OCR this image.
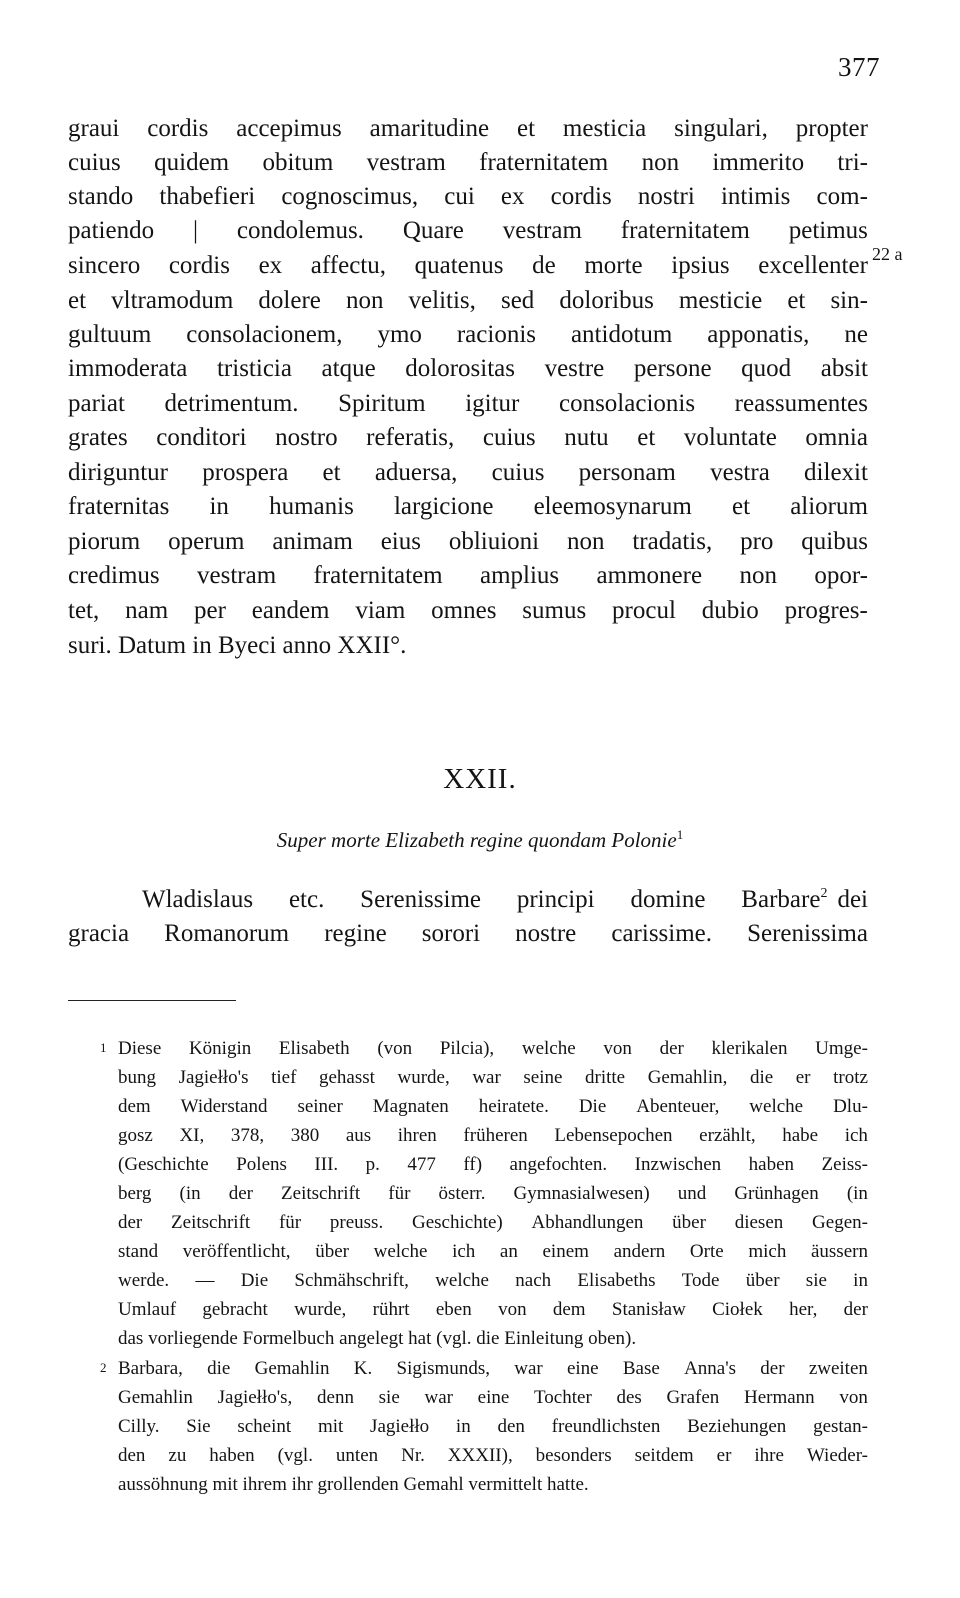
377
22 a
graui cordis accepimus amaritudine et mesticia singulari, propter
cuius quidem obitum vestram fraternitatem non immerito tri-
stando thabefieri cognoscimus, cui ex cordis nostri intimis com-
patiendo | condolemus. Quare vestram fraternitatem petimus
sincero cordis ex affectu, quatenus de morte ipsius excellenter
et vltramodum dolere non velitis, sed doloribus mesticie et sin-
gultuum consolacionem, ymo racionis antidotum apponatis, ne
immoderata tristicia atque dolorositas vestre persone quod absit
pariat detrimentum. Spiritum igitur consolacionis reassumentes
grates conditori nostro referatis, cuius nutu et voluntate omnia
diriguntur prospera et aduersa, cuius personam vestra dilexit
fraternitas in humanis largicione eleemosynarum et aliorum
piorum operum animam eius obliuioni non tradatis, pro quibus
credimus vestram fraternitatem amplius ammonere non opor-
tet, nam per eandem viam omnes sumus procul dubio progres-
suri. Datum in Byeci anno XXII°.
XXII.
Super morte Elizabeth regine quondam Polonie$^1$
Wladislaus etc. Serenissime principi domine Barbare 2 dei
gracia Romanorum regine sorori nostre carissime. Serenissima
1 Diese Königin Elisabeth (von Pilcia), welche von der klerikalen Umge-
bung Jagiełło's tief gehasst wurde, war seine dritte Gemahlin, die er trotz
dem Widerstand seiner Magnaten heiratete. Die Abenteuer, welche Dlu-
gosz XI, 378, 380 aus ihren früheren Lebensepochen erzählt, habe ich
(Geschichte Polens III. p. 477 ff) angefochten. Inzwischen haben Zeiss-
berg (in der Zeitschrift für österr. Gymnasialwesen) und Grünhagen (in
der Zeitschrift für preuss. Geschichte) Abhandlungen über diesen Gegen-
stand veröffentlicht, über welche ich an einem andern Orte mich äussern
werde. — Die Schmähschrift, welche nach Elisabeths Tode über sie in
Umlauf gebracht wurde, rührt eben von dem Stanisław Ciołek her, der
das vorliegende Formelbuch angelegt hat (vgl. die Einleitung oben).
2 Barbara, die Gemahlin K. Sigismunds, war eine Base Anna's der zweiten
Gemahlin Jagiełło's, denn sie war eine Tochter des Grafen Hermann von
Cilly. Sie scheint mit Jagiełło in den freundlichsten Beziehungen gestan-
den zu haben (vgl. unten Nr. XXXII), besonders seitdem er ihre Wieder-
aussöhnung mit ihrem ihr grollenden Gemahl vermittelt hatte.
